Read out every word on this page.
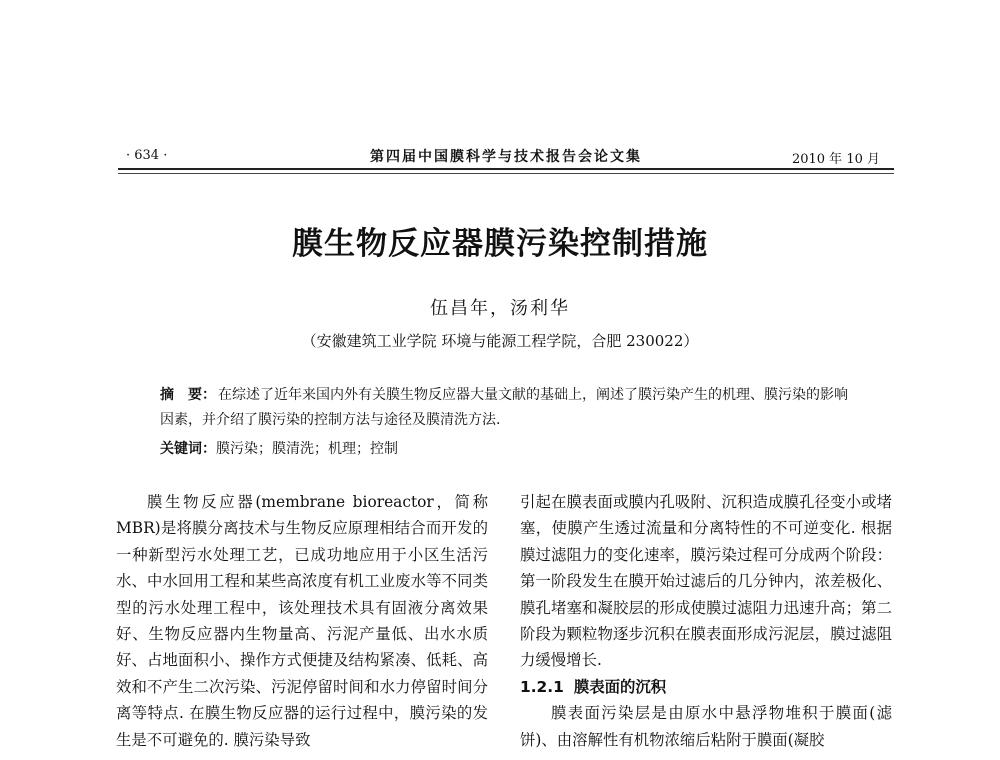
· 634 ·	第四届中国膜科学与技术报告会论文集	2010 年 10 月
膜生物反应器膜污染控制措施
伍昌年，汤利华
（安徽建筑工业学院 环境与能源工程学院，合肥 230022）
摘　要： 在综述了近年来国内外有关膜生物反应器大量文献的基础上，阐述了膜污染产生的机理、膜污染的影响因素，并介绍了膜污染的控制方法与途径及膜清洗方法.
关键词：膜污染；膜清洗；机理；控制

膜生物反应器(membrane bioreactor，简称MBR)是将膜分离技术与生物反应原理相结合而开发的一种新型污水处理工艺，已成功地应用于小区生活污水、中水回用工程和某些高浓度有机工业废水等不同类型的污水处理工程中，该处理技术具有固液分离效果好、生物反应器内生物量高、污泥产量低、出水水质好、占地面积小、操作方式便捷及结构紧凑、低耗、高效和不产生二次污染、污泥停留时间和水力停留时间分离等特点. 在膜生物反应器的运行过程中，膜污染的发生是不可避免的. 膜污染导致

引起在膜表面或膜内孔吸附、沉积造成膜孔径变小或堵塞，使膜产生透过流量和分离特性的不可逆变化. 根据膜过滤阻力的变化速率，膜污染过程可分成两个阶段：第一阶段发生在膜开始过滤后的几分钟内，浓差极化、膜孔堵塞和凝胶层的形成使膜过滤阻力迅速升高；第二阶段为颗粒物逐步沉积在膜表面形成污泥层，膜过滤阻力缓慢增长.

1.2.1 膜表面的沉积

膜表面污染层是由原水中悬浮物堆积于膜面(滤饼)、由溶解性有机物浓缩后粘附于膜面(凝胶
